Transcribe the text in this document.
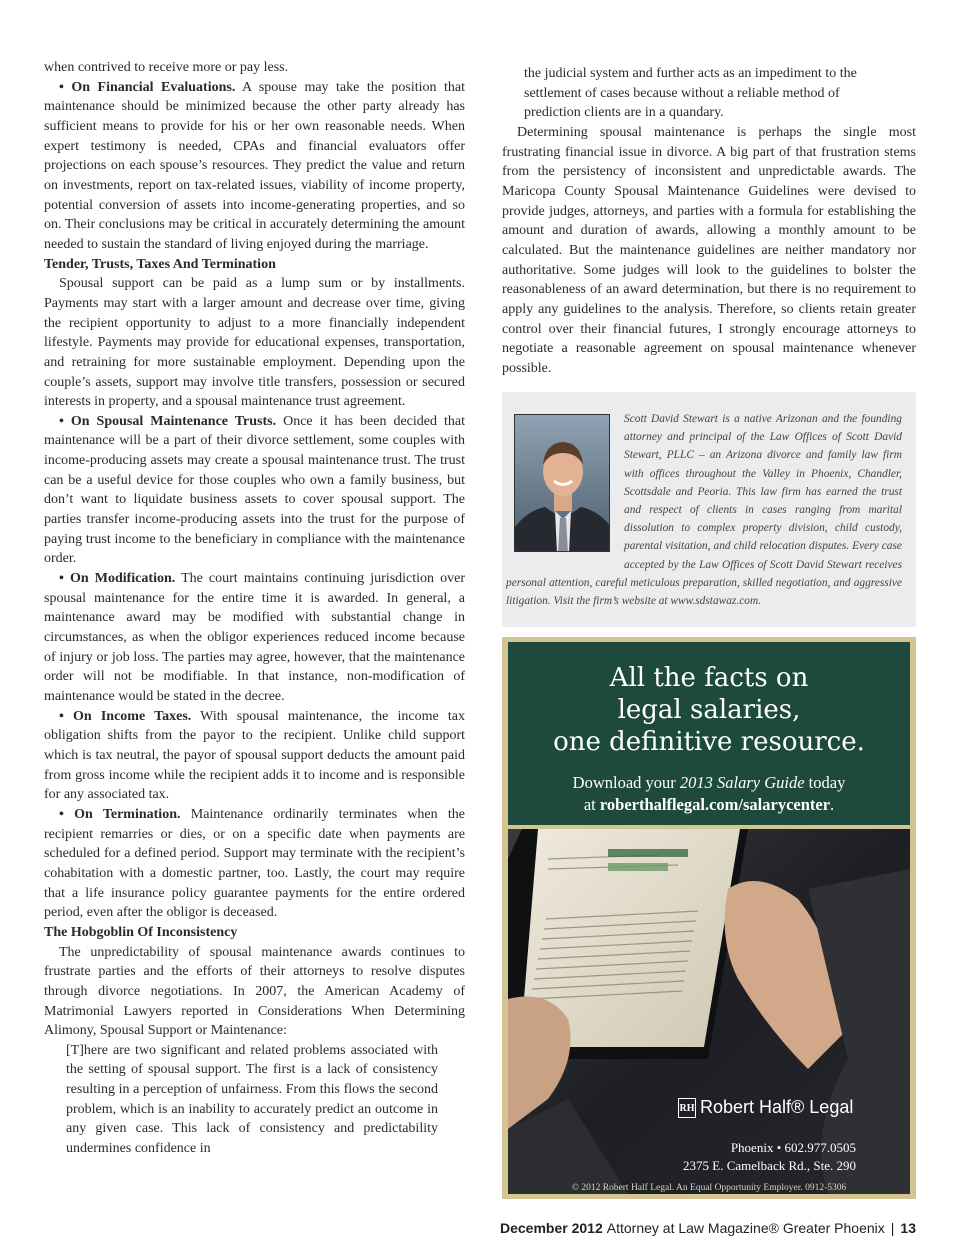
when contrived to receive more or pay less.

• On Financial Evaluations. A spouse may take the position that maintenance should be minimized because the other party already has sufficient means to provide for his or her own reasonable needs. When expert testimony is needed, CPAs and financial evaluators offer projections on each spouse’s resources. They predict the value and return on investments, report on tax-related issues, viability of income property, potential conversion of assets into income-generating properties, and so on. Their conclusions may be critical in accurately determining the amount needed to sustain the standard of living enjoyed during the marriage.

Tender, Trusts, Taxes And Termination

Spousal support can be paid as a lump sum or by installments. Payments may start with a larger amount and decrease over time, giving the recipient opportunity to adjust to a more financially independent lifestyle. Payments may provide for educational expenses, transportation, and retraining for more sustainable employment. Depending upon the couple’s assets, support may involve title transfers, possession or secured interests in property, and a spousal maintenance trust agreement.

• On Spousal Maintenance Trusts. Once it has been decided that maintenance will be a part of their divorce settlement, some couples with income-producing assets may create a spousal maintenance trust. The trust can be a useful device for those couples who own a family business, but don’t want to liquidate business assets to cover spousal support. The parties transfer income-producing assets into the trust for the purpose of paying trust income to the beneficiary in compliance with the maintenance order.

• On Modification. The court maintains continuing jurisdiction over spousal maintenance for the entire time it is awarded. In general, a maintenance award may be modified with substantial change in circumstances, as when the obligor experiences reduced income because of injury or job loss. The parties may agree, however, that the maintenance order will not be modifiable. In that instance, non-modification of maintenance would be stated in the decree.

• On Income Taxes. With spousal maintenance, the income tax obligation shifts from the payor to the recipient. Unlike child support which is tax neutral, the payor of spousal support deducts the amount paid from gross income while the recipient adds it to income and is responsible for any associated tax.

• On Termination. Maintenance ordinarily terminates when the recipient remarries or dies, or on a specific date when payments are scheduled for a defined period. Support may terminate with the recipient’s cohabitation with a domestic partner, too. Lastly, the court may require that a life insurance policy guarantee payments for the entire ordered period, even after the obligor is deceased.

The Hobgoblin Of Inconsistency

The unpredictability of spousal maintenance awards continues to frustrate parties and the efforts of their attorneys to resolve disputes through divorce negotiations. In 2007, the American Academy of Matrimonial Lawyers reported in Considerations When Determining Alimony, Spousal Support or Maintenance:

[T]here are two significant and related problems associated with the setting of spousal support. The first is a lack of consistency resulting in a perception of unfairness. From this flows the second problem, which is an inability to accurately predict an outcome in any given case. This lack of consistency and predictability undermines confidence in

the judicial system and further acts as an impediment to the settlement of cases because without a reliable method of prediction clients are in a quandary.

Determining spousal maintenance is perhaps the single most frustrating financial issue in divorce. A big part of that frustration stems from the persistency of inconsistent and unpredictable awards. The Maricopa County Spousal Maintenance Guidelines were devised to provide judges, attorneys, and parties with a formula for establishing the amount and duration of awards, allowing a monthly amount to be calculated. But the maintenance guidelines are neither mandatory nor authoritative. Some judges will look to the guidelines to bolster the reasonableness of an award determination, but there is no requirement to apply any guidelines to the analysis. Therefore, so clients retain greater control over their financial futures, I strongly encourage attorneys to negotiate a reasonable agreement on spousal maintenance whenever possible.

Scott David Stewart is a native Arizonan and the founding attorney and principal of the Law Offices of Scott David Stewart, PLLC – an Arizona divorce and family law firm with offices throughout the Valley in Phoenix, Chandler, Scottsdale and Peoria. This law firm has earned the trust and respect of clients in cases ranging from marital dissolution to complex property division, child custody, parental visitation, and child relocation disputes. Every case accepted by the Law Offices of Scott David Stewart receives personal attention, careful meticulous preparation, skilled negotiation, and aggressive litigation. Visit the firm’s website at www.sdstawaz.com.
All the facts on
legal salaries,
one definitive resource.
Download your 2013 Salary Guide today
at roberthalflegal.com/salarycenter.
RH Robert Half® Legal
Phoenix • 602.977.0505
2375 E. Camelback Rd., Ste. 290
© 2012 Robert Half Legal. An Equal Opportunity Employer. 0912-5306
December 2012 Attorney at Law Magazine® Greater Phoenix | 13
